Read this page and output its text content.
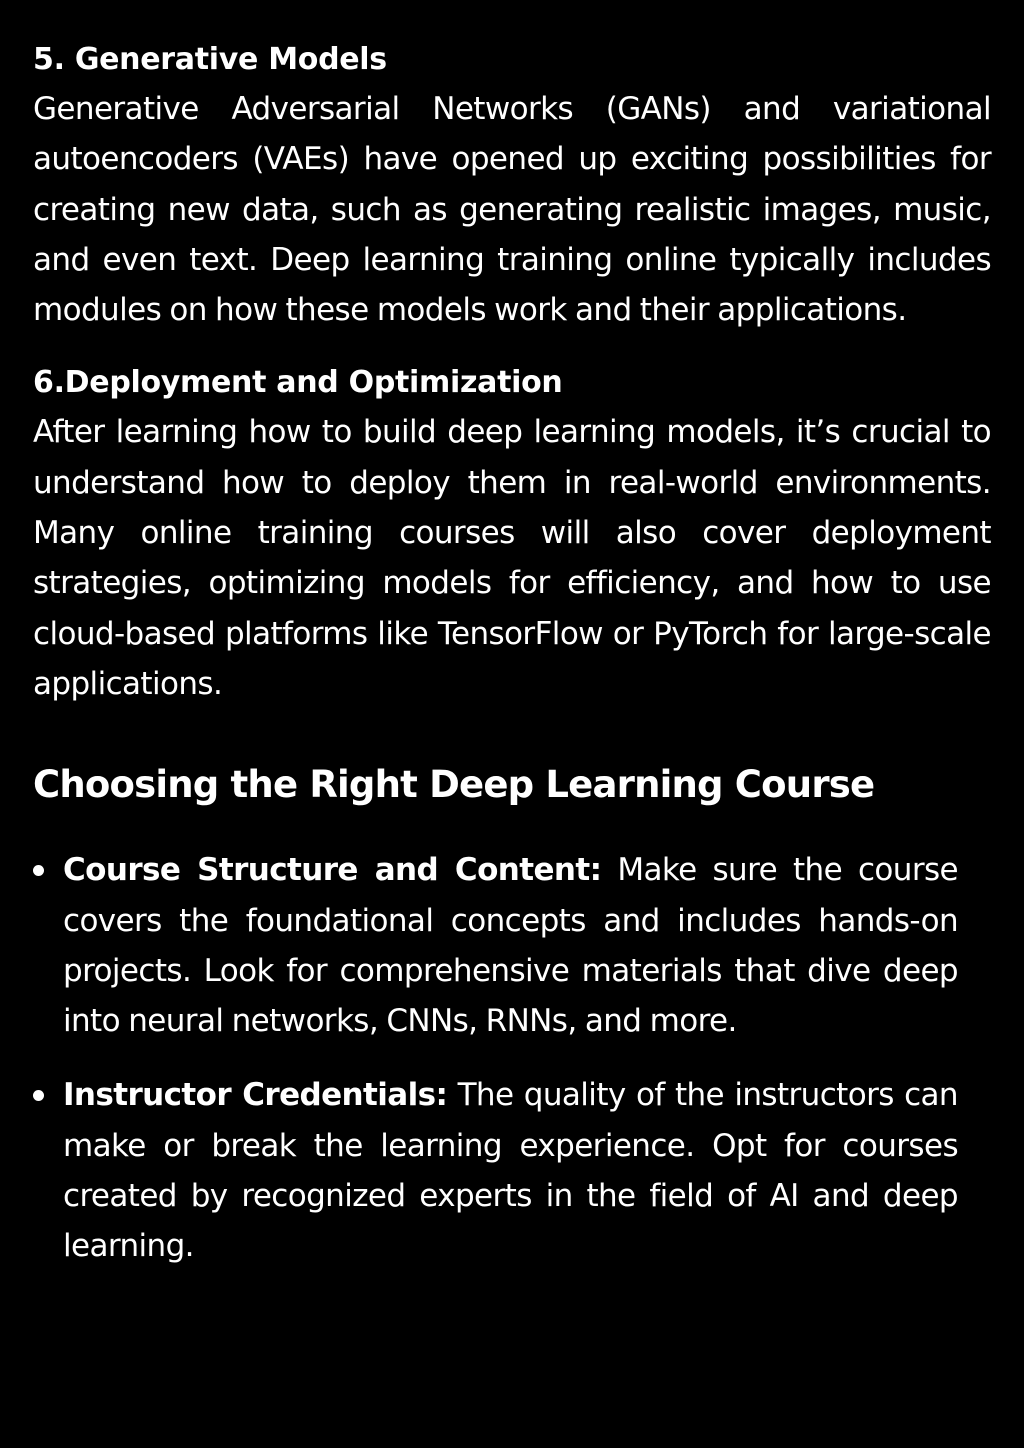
5. Generative Models

Generative Adversarial Networks (GANs) and variational autoencoders (VAEs) have opened up exciting possibilities for creating new data, such as generating realistic images, music, and even text. Deep learning training online typically includes modules on how these models work and their applications.

6.Deployment and Optimization

After learning how to build deep learning models, it’s crucial to understand how to deploy them in real-world environments. Many online training courses will also cover deployment strategies, optimizing models for efficiency, and how to use cloud-based platforms like TensorFlow or PyTorch for large-scale applications.

Choosing the Right Deep Learning Course

Course Structure and Content: Make sure the course covers the foundational concepts and includes hands-on projects. Look for comprehensive materials that dive deep into neural networks, CNNs, RNNs, and more.

Instructor Credentials: The quality of the instructors can make or break the learning experience. Opt for courses created by recognized experts in the field of AI and deep learning.
